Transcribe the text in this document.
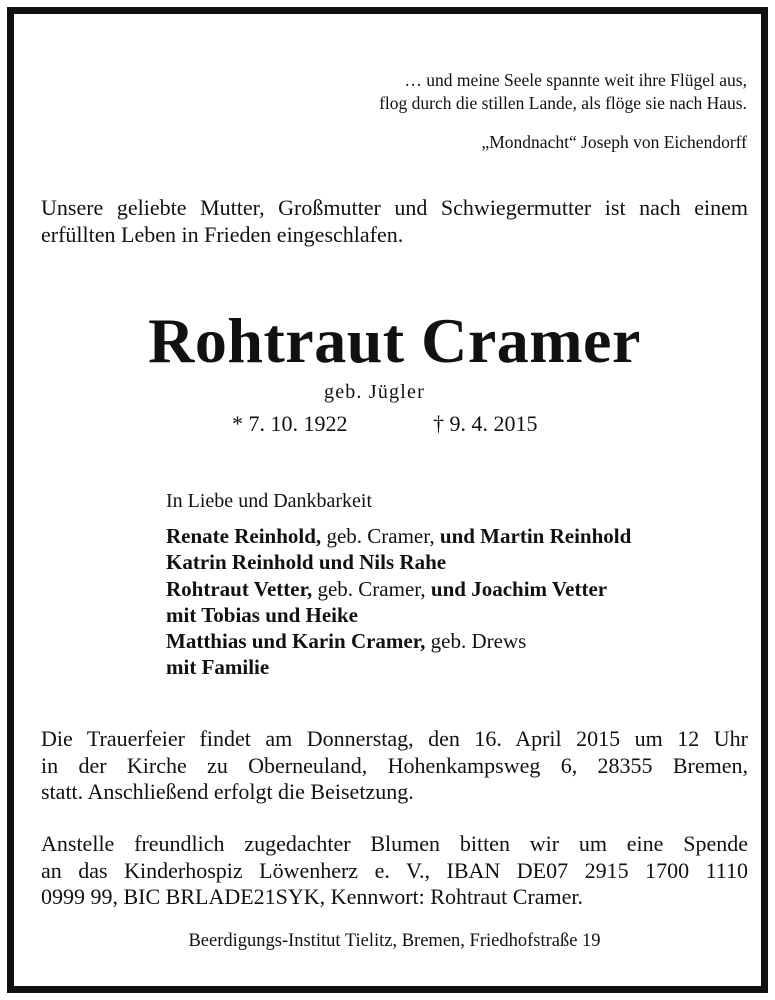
… und meine Seele spannte weit ihre Flügel aus,
flog durch die stillen Lande, als flöge sie nach Haus.
„Mondnacht“ Joseph von Eichendorff
Unsere geliebte Mutter, Großmutter und Schwiegermutter ist nach einem erfüllten Leben in Frieden eingeschlafen.
Rohtraut Cramer
geb. Jügler
* 7. 10. 1922	† 9. 4. 2015
In Liebe und Dankbarkeit
Renate Reinhold, geb. Cramer, und Martin Reinhold
Katrin Reinhold und Nils Rahe
Rohtraut Vetter, geb. Cramer, und Joachim Vetter
mit Tobias und Heike
Matthias und Karin Cramer, geb. Drews
mit Familie
Die Trauerfeier findet am Donnerstag, den 16. April 2015 um 12 Uhr
in der Kirche zu Oberneuland, Hohenkampsweg 6, 28355 Bremen,
statt. Anschließend erfolgt die Beisetzung.
Anstelle freundlich zugedachter Blumen bitten wir um eine Spende
an das Kinderhospiz Löwenherz e. V., IBAN DE07 2915 1700 1110
0999 99, BIC BRLADE21SYK, Kennwort: Rohtraut Cramer.
Beerdigungs-Institut Tielitz, Bremen, Friedhofstraße 19
